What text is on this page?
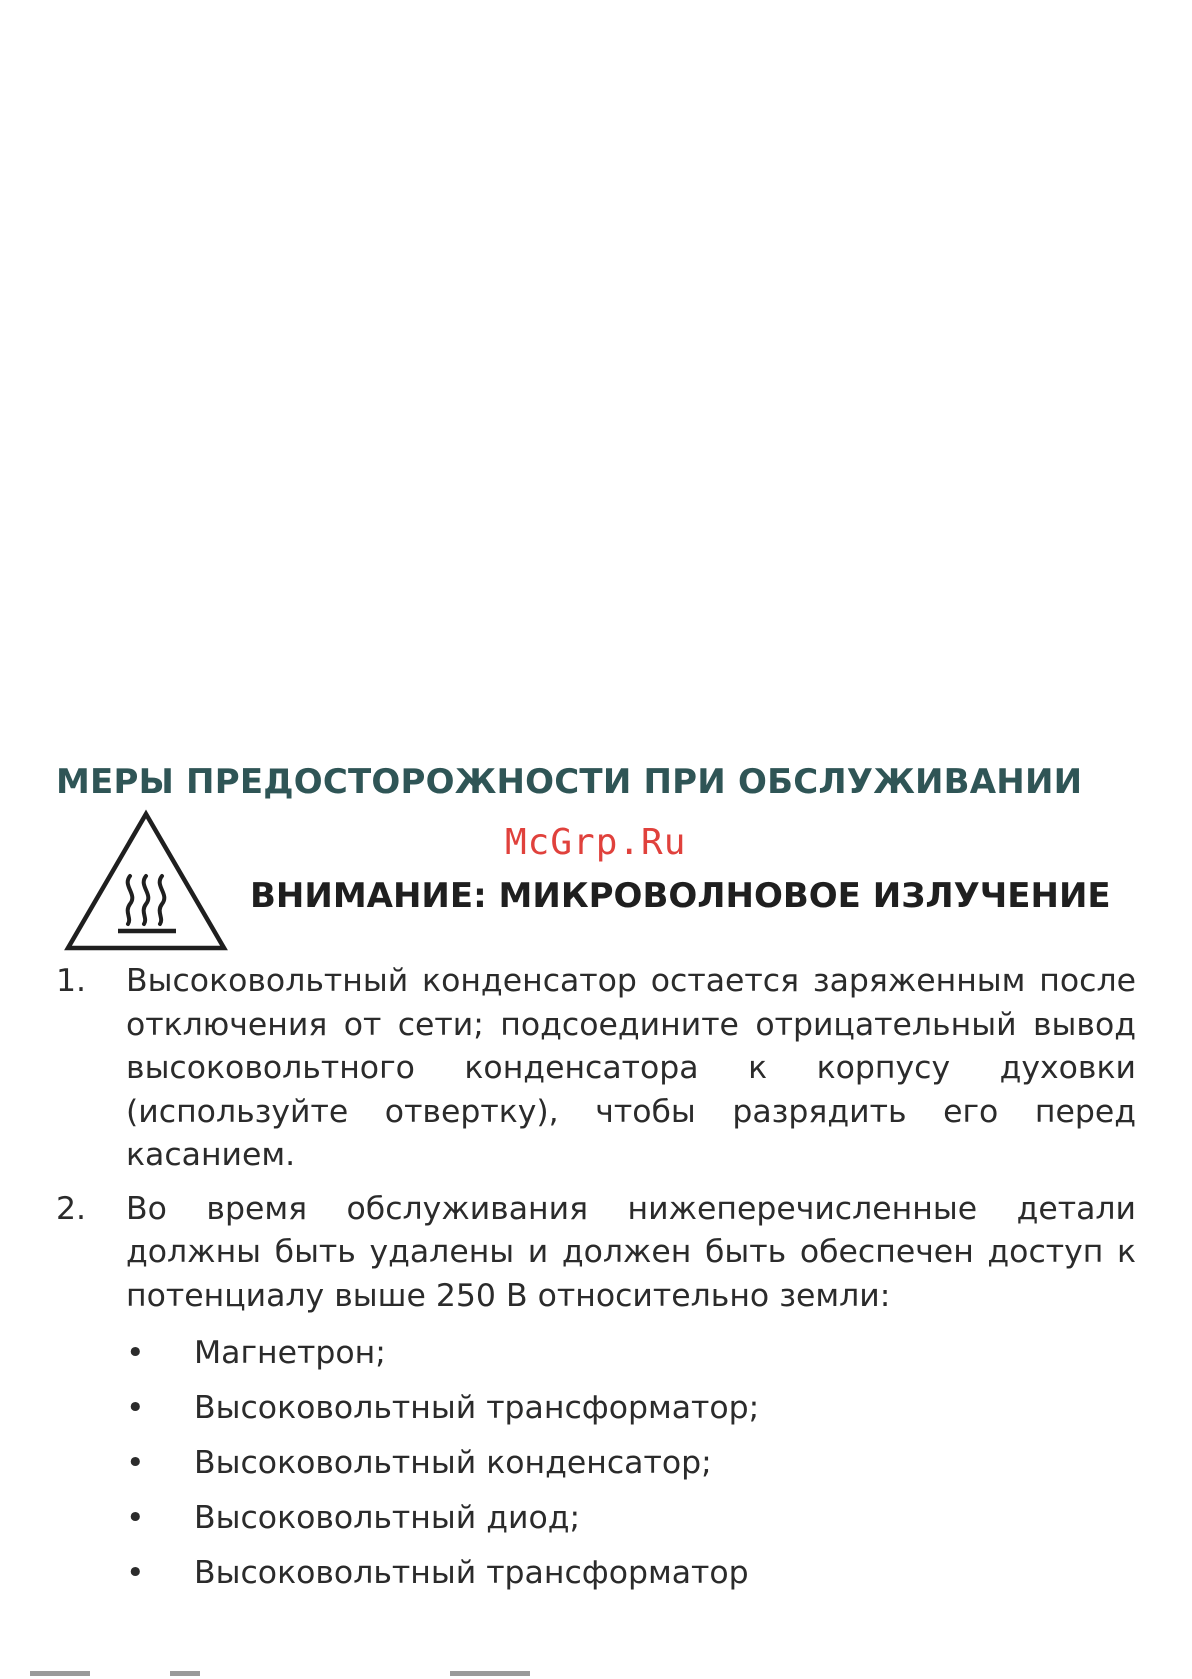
МЕРЫ ПРЕДОСТОРОЖНОСТИ ПРИ ОБСЛУЖИВАНИИ
McGrp.Ru
ВНИМАНИЕ: МИКРОВОЛНОВОЕ ИЗЛУЧЕНИЕ
1. Высоковольтный конденсатор остается заряженным после отключения от сети; подсоедините отрицательный вывод высоковольтного конденсатора к корпусу духовки (используйте отвертку), чтобы разрядить его перед касанием.
2. Во время обслуживания нижеперечисленные детали должны быть удалены и должен быть обеспечен доступ к потенциалу выше 250 В относительно земли:
• Магнетрон;
• Высоковольтный трансформатор;
• Высоковольтный конденсатор;
• Высоковольтный диод;
• Высоковольтный трансформатор
